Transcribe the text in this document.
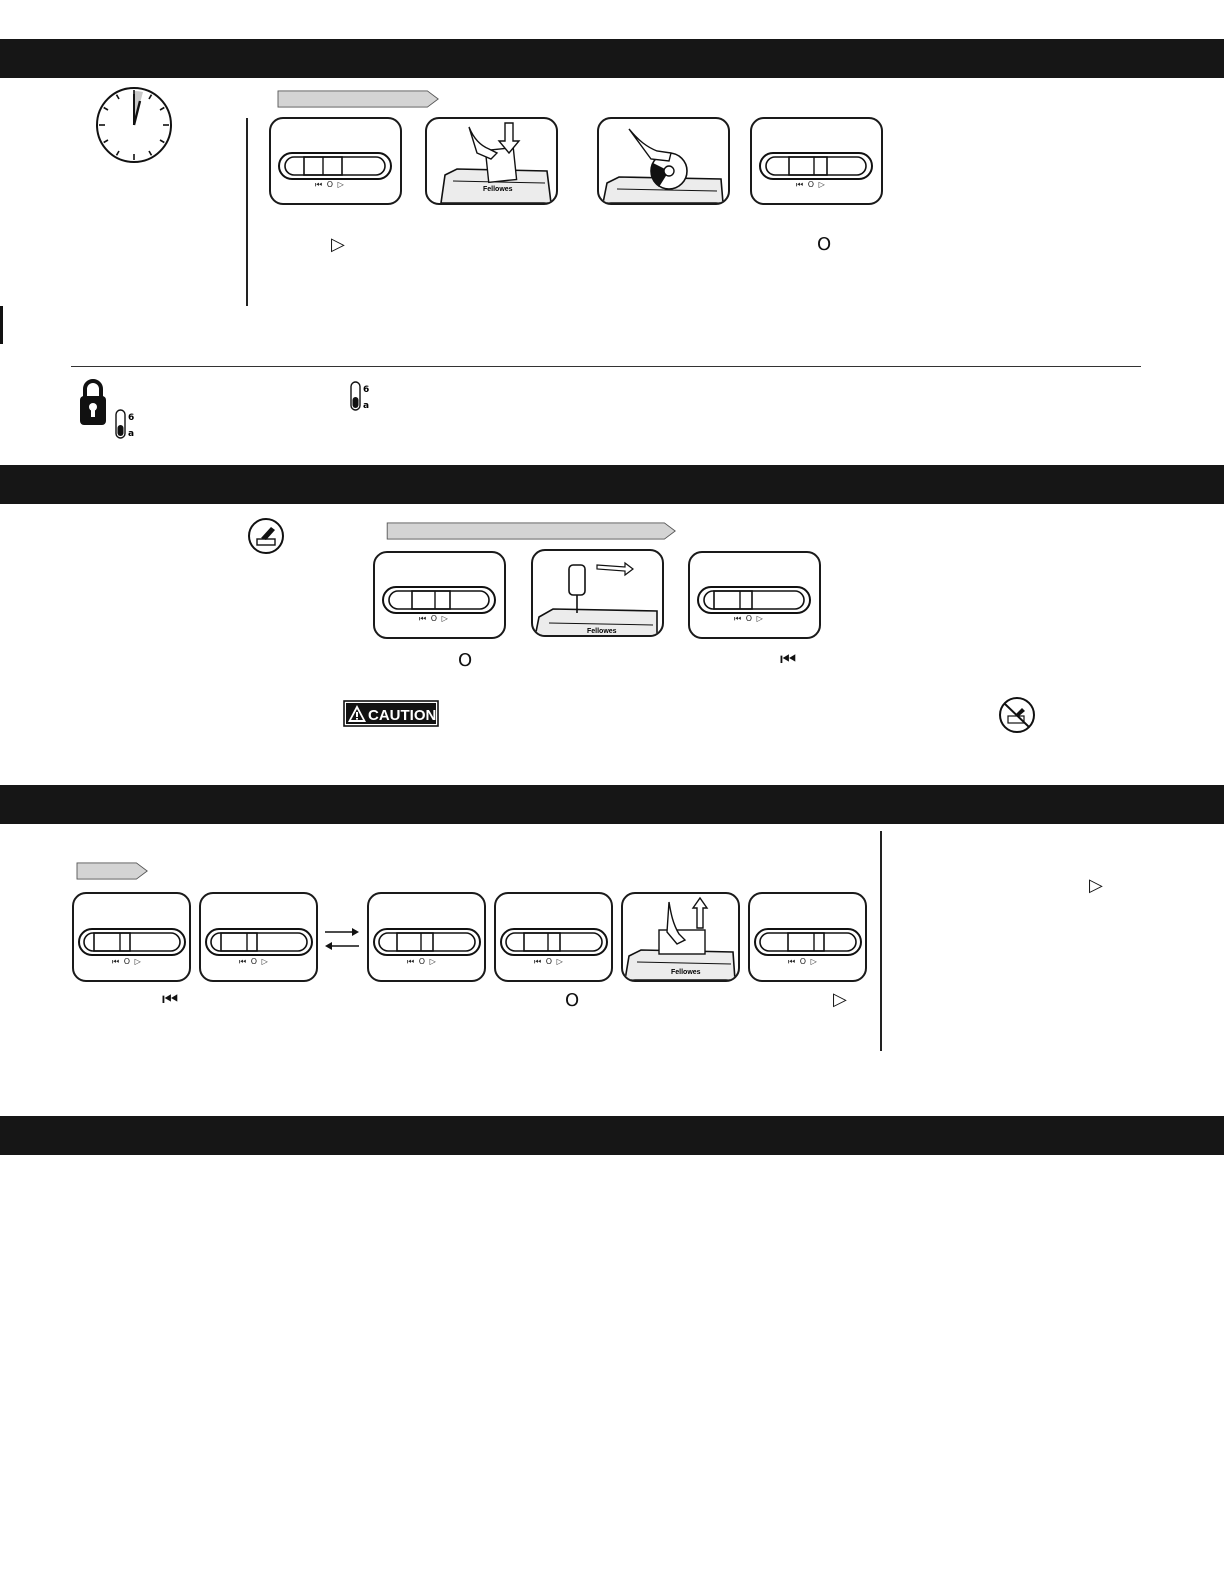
⏮ O ▷
Fellowes
⏮ O ▷
▷	O
6
a
6
a
⏮ O ▷
Fellowes
⏮ O ▷
O	⏮
CAUTION
⏮ O ▷	⏮ O ▷	⏮ O ▷	⏮ O ▷
Fellowes
⏮ O ▷
⏮	O	▷
▷
